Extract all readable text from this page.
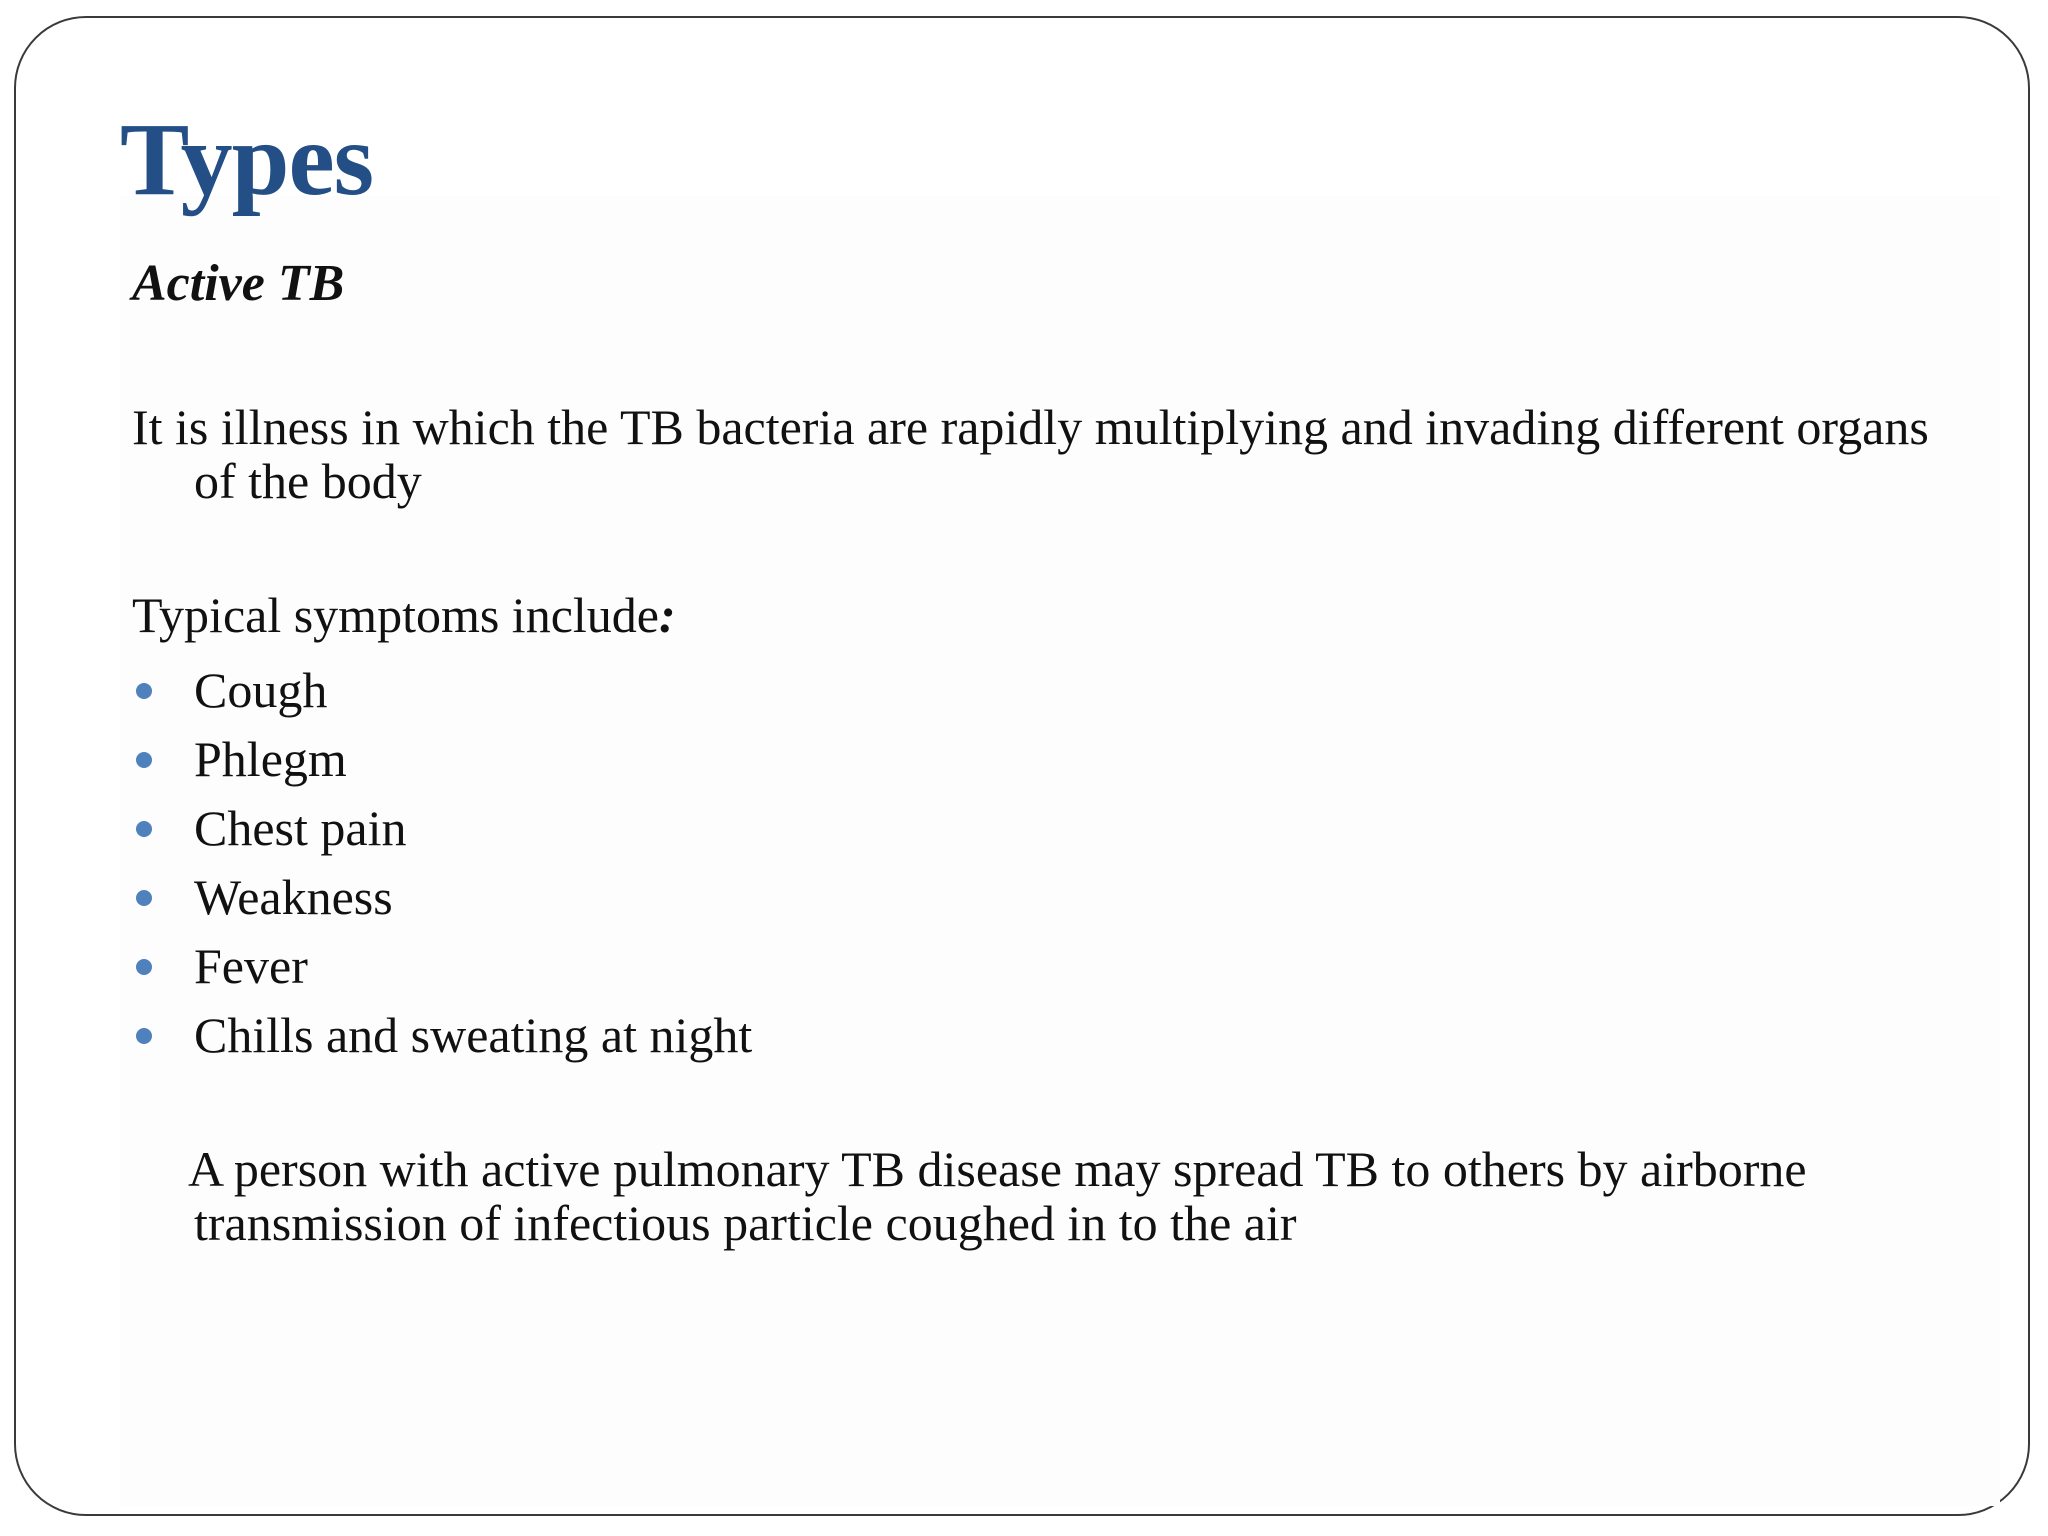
Types

Active TB

It is illness in which the TB bacteria are rapidly multiplying and invading different organs of the body

Typical symptoms include:

Cough
Phlegm
Chest pain
Weakness
Fever
Chills and sweating at night

A person with active pulmonary TB disease may spread TB to others by airborne transmission of infectious particle coughed in to the air
